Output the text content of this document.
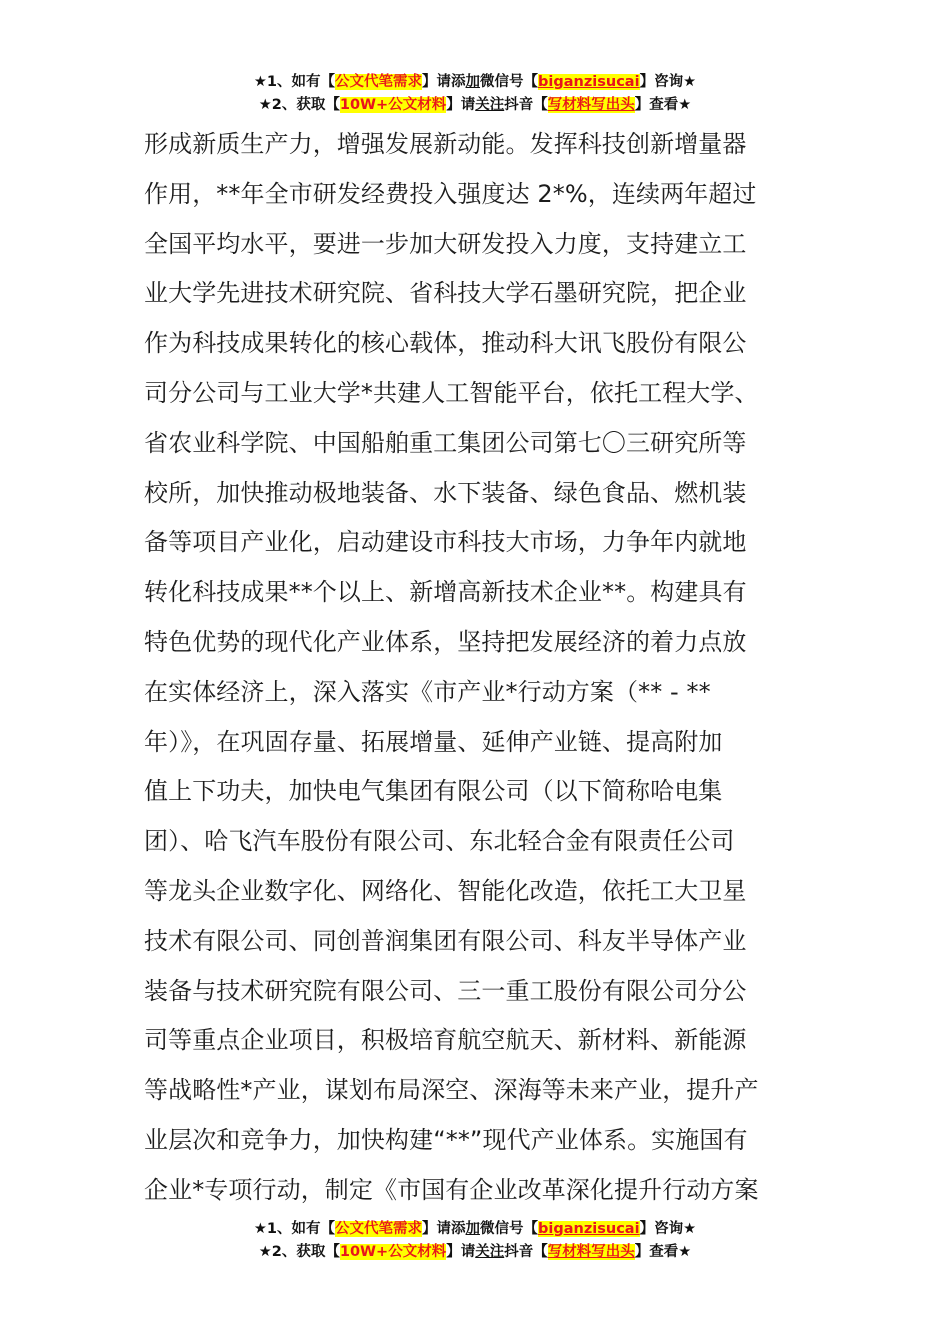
★1、如有【公文代笔需求】请添加微信号【biganzisucai】咨询★
★2、获取【10W+公文材料】请关注抖音【写材料写出头】查看★
形成新质生产力，增强发展新动能。发挥科技创新增量器
作用，**年全市研发经费投入强度达 2*%，连续两年超过
全国平均水平，要进一步加大研发投入力度，支持建立工
业大学先进技术研究院、省科技大学石墨研究院，把企业
作为科技成果转化的核心载体，推动科大讯飞股份有限公
司分公司与工业大学*共建人工智能平台，依托工程大学、
省农业科学院、中国船舶重工集团公司第七〇三研究所等
校所，加快推动极地装备、水下装备、绿色食品、燃机装
备等项目产业化，启动建设市科技大市场，力争年内就地
转化科技成果**个以上、新增高新技术企业**。构建具有
特色优势的现代化产业体系，坚持把发展经济的着力点放
在实体经济上，深入落实《市产业*行动方案（** - **
年）》，在巩固存量、拓展增量、延伸产业链、提高附加
值上下功夫，加快电气集团有限公司（以下简称哈电集
团）、哈飞汽车股份有限公司、东北轻合金有限责任公司
等龙头企业数字化、网络化、智能化改造，依托工大卫星
技术有限公司、同创普润集团有限公司、科友半导体产业
装备与技术研究院有限公司、三一重工股份有限公司分公
司等重点企业项目，积极培育航空航天、新材料、新能源
等战略性*产业，谋划布局深空、深海等未来产业，提升产
业层次和竞争力，加快构建“**”现代产业体系。实施国有
企业*专项行动，制定《市国有企业改革深化提升行动方案
★1、如有【公文代笔需求】请添加微信号【biganzisucai】咨询★
★2、获取【10W+公文材料】请关注抖音【写材料写出头】查看★
